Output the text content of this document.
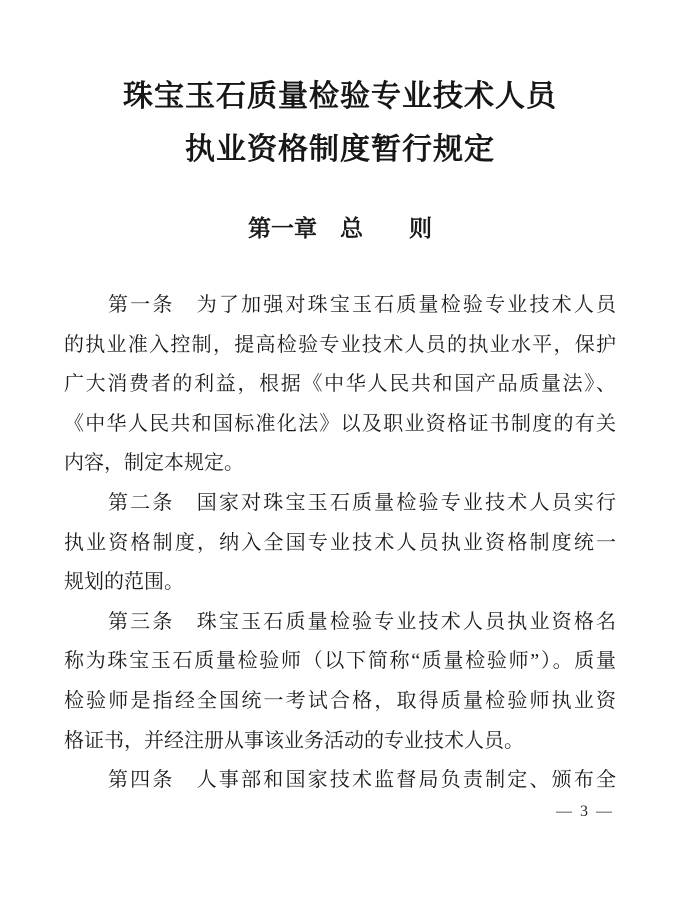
珠宝玉石质量检验专业技术人员
执业资格制度暂行规定
第一章　总　　则
第一条　为了加强对珠宝玉石质量检验专业技术人员
的执业准入控制，提高检验专业技术人员的执业水平，保护
广大消费者的利益，根据《中华人民共和国产品质量法》、
《中华人民共和国标准化法》以及职业资格证书制度的有关
内容，制定本规定。
第二条　国家对珠宝玉石质量检验专业技术人员实行
执业资格制度，纳入全国专业技术人员执业资格制度统一
规划的范围。
第三条　珠宝玉石质量检验专业技术人员执业资格名
称为珠宝玉石质量检验师（以下简称“质量检验师”）。质量
检验师是指经全国统一考试合格，取得质量检验师执业资
格证书，并经注册从事该业务活动的专业技术人员。
第四条　人事部和国家技术监督局负责制定、颁布全
— 3 —
